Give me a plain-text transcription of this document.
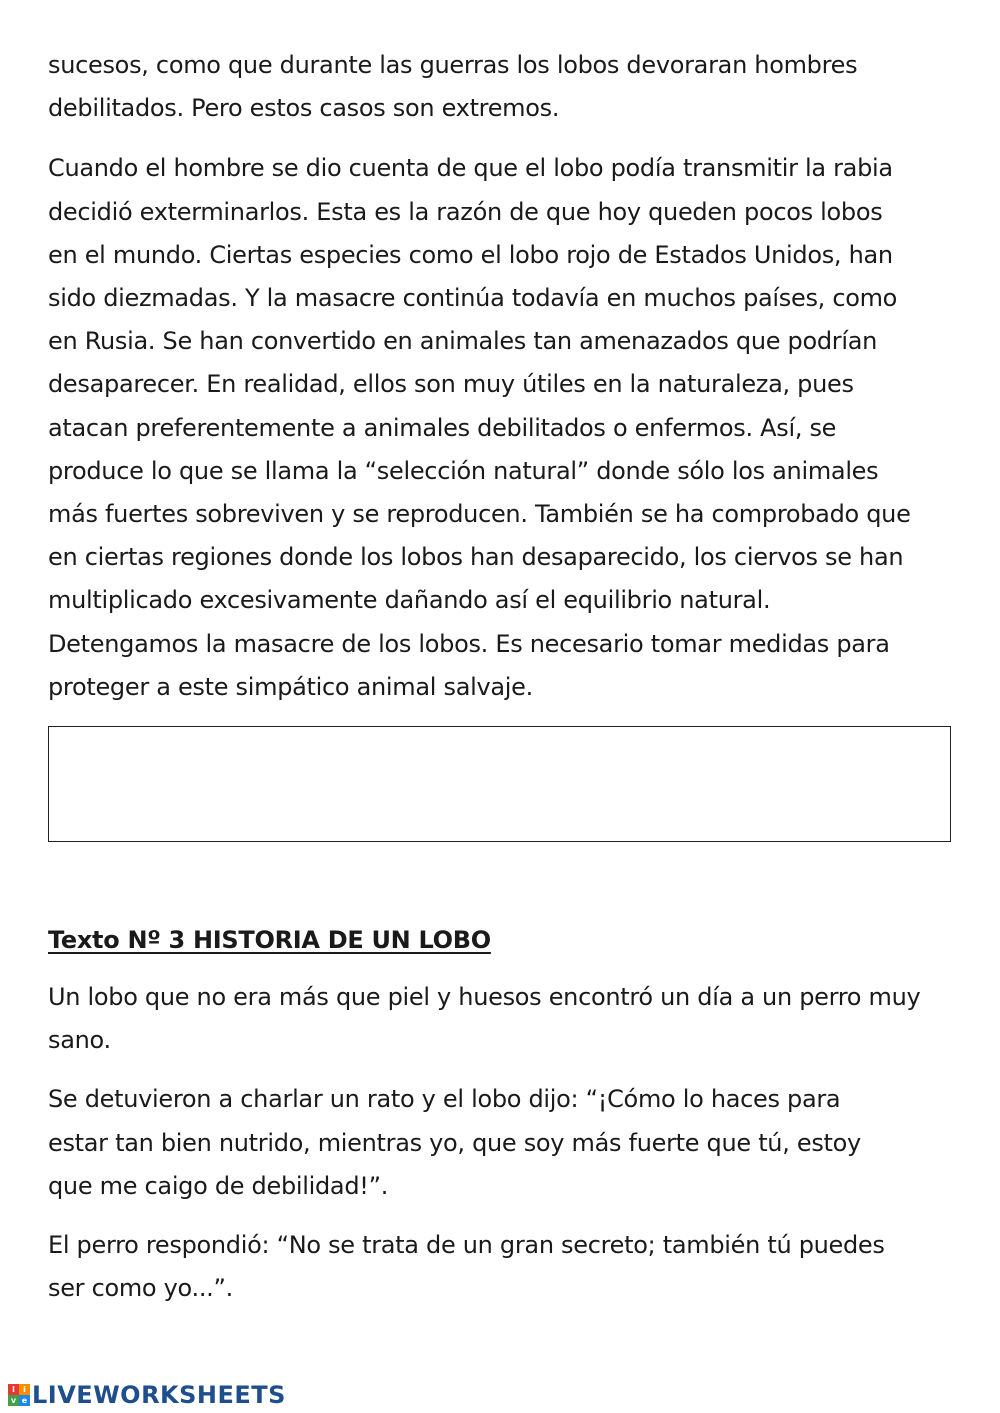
sucesos, como que durante las guerras los lobos devoraran hombres
debilitados. Pero estos casos son extremos.

Cuando el hombre se dio cuenta de que el lobo podía transmitir la rabia
decidió exterminarlos. Esta es la razón de que hoy queden pocos lobos
en el mundo. Ciertas especies como el lobo rojo de Estados Unidos, han
sido diezmadas. Y la masacre continúa todavía en muchos países, como
en Rusia. Se han convertido en animales tan amenazados que podrían
desaparecer. En realidad, ellos son muy útiles en la naturaleza, pues
atacan preferentemente a animales debilitados o enfermos. Así, se
produce lo que se llama la “selección natural” donde sólo los animales
más fuertes sobreviven y se reproducen. También se ha comprobado que
en ciertas regiones donde los lobos han desaparecido, los ciervos se han
multiplicado excesivamente dañando así el equilibrio natural.
Detengamos la masacre de los lobos. Es necesario tomar medidas para
proteger a este simpático animal salvaje.

Texto Nº 3 HISTORIA DE UN LOBO

Un lobo que no era más que piel y huesos encontró un día a un perro muy
sano.

Se detuvieron a charlar un rato y el lobo dijo: “¡Cómo lo haces para
estar tan bien nutrido, mientras yo, que soy más fuerte que tú, estoy
que me caigo de debilidad!”.

El perro respondió: “No se trata de un gran secreto; también tú puedes
ser como yo...”.

l	i
v e LIVEWORKSHEETS
